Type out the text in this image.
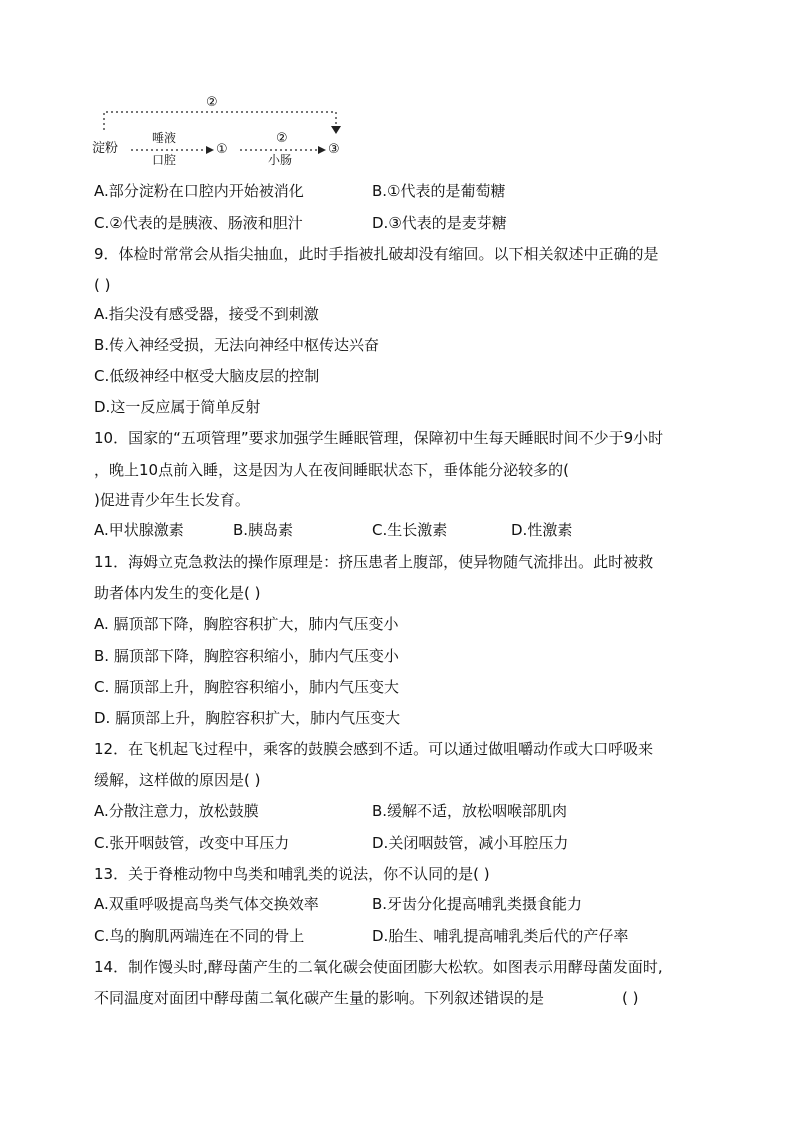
淀粉
唾液
口腔
①
②
小肠
③
②
A.部分淀粉在口腔内开始被消化	B.①代表的是葡萄糖
C.②代表的是胰液、肠液和胆汁	D.③代表的是麦芽糖
9．体检时常常会从指尖抽血，此时手指被扎破却没有缩回。以下相关叙述中正确的是
( )
A.指尖没有感受器，接受不到刺激
B.传入神经受损，无法向神经中枢传达兴奋
C.低级神经中枢受大脑皮层的控制
D.这一反应属于简单反射
10．国家的“五项管理”要求加强学生睡眠管理，保障初中生每天睡眠时间不少于9小时
，晚上10点前入睡，这是因为人在夜间睡眠状态下，垂体能分泌较多的(
)促进青少年生长发育。
A.甲状腺激素	B.胰岛素	C.生长激素	D.性激素
11．海姆立克急救法的操作原理是：挤压患者上腹部，使异物随气流排出。此时被救
助者体内发生的变化是( )
A. 膈顶部下降，胸腔容积扩大，肺内气压变小
B. 膈顶部下降，胸腔容积缩小，肺内气压变小
C. 膈顶部上升，胸腔容积缩小，肺内气压变大
D. 膈顶部上升，胸腔容积扩大，肺内气压变大
12．在飞机起飞过程中，乘客的鼓膜会感到不适。可以通过做咀嚼动作或大口呼吸来
缓解，这样做的原因是( )
A.分散注意力，放松鼓膜	B.缓解不适，放松咽喉部肌肉
C.张开咽鼓管，改变中耳压力	D.关闭咽鼓管，减小耳腔压力
13．关于脊椎动物中鸟类和哺乳类的说法，你不认同的是( )
A.双重呼吸提高鸟类气体交换效率	B.牙齿分化提高哺乳类摄食能力
C.鸟的胸肌两端连在不同的骨上	D.胎生、哺乳提高哺乳类后代的产仔率
14．制作馒头时,酵母菌产生的二氧化碳会使面团膨大松软。如图表示用酵母菌发面时,
不同温度对面团中酵母菌二氧化碳产生量的影响。下列叙述错误的是	( )
